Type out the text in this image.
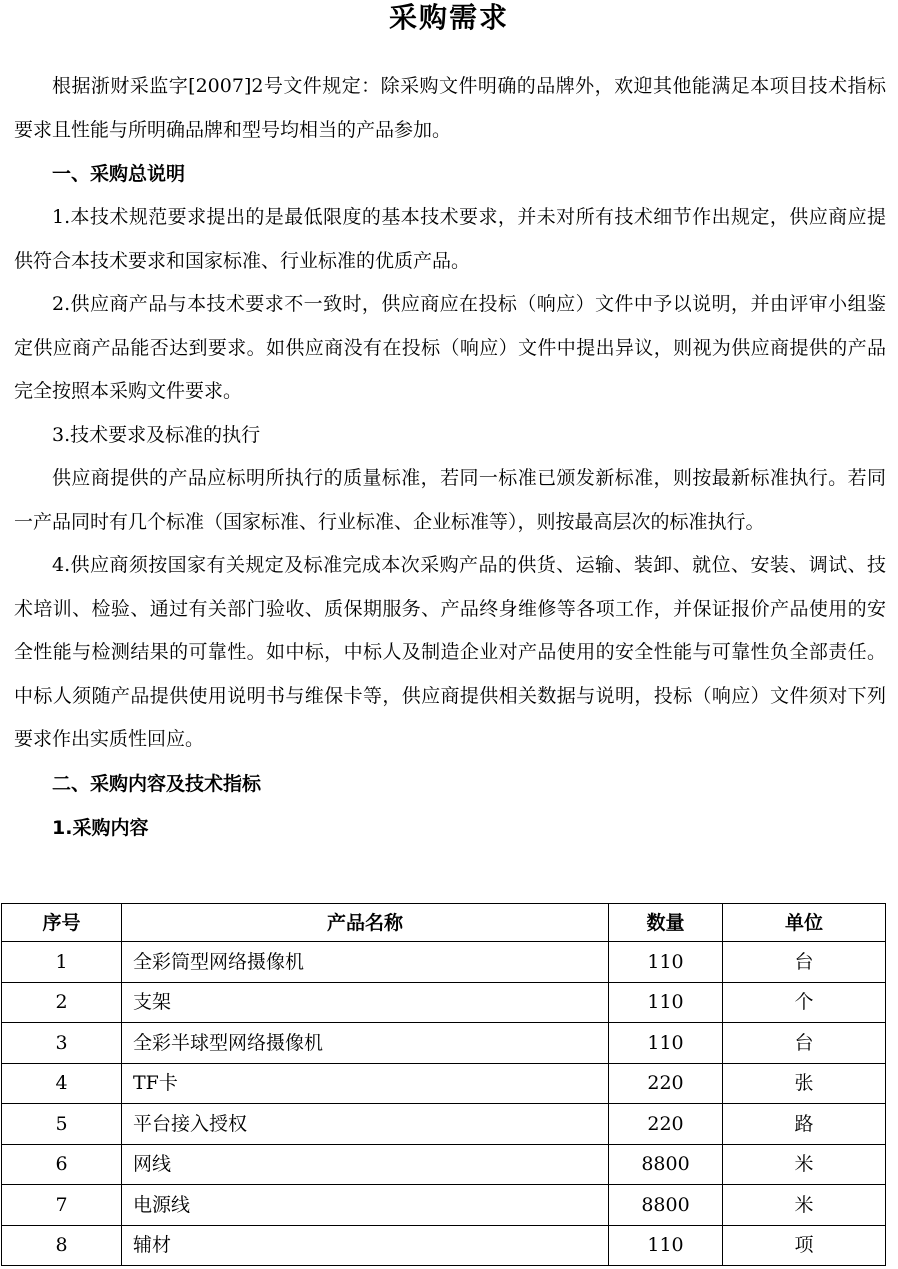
采购需求

根据浙财采监字[2007]2号文件规定：除采购文件明确的品牌外，欢迎其他能满足本项目技术指标要求且性能与所明确品牌和型号均相当的产品参加。

一、采购总说明

1.本技术规范要求提出的是最低限度的基本技术要求，并未对所有技术细节作出规定，供应商应提供符合本技术要求和国家标准、行业标准的优质产品。

2.供应商产品与本技术要求不一致时，供应商应在投标（响应）文件中予以说明，并由评审小组鉴定供应商产品能否达到要求。如供应商没有在投标（响应）文件中提出异议，则视为供应商提供的产品完全按照本采购文件要求。

3.技术要求及标准的执行

供应商提供的产品应标明所执行的质量标准，若同一标准已颁发新标准，则按最新标准执行。若同一产品同时有几个标准（国家标准、行业标准、企业标准等），则按最高层次的标准执行。

4.供应商须按国家有关规定及标准完成本次采购产品的供货、运输、装卸、就位、安装、调试、技术培训、检验、通过有关部门验收、质保期服务、产品终身维修等各项工作，并保证报价产品使用的安全性能与检测结果的可靠性。如中标，中标人及制造企业对产品使用的安全性能与可靠性负全部责任。中标人须随产品提供使用说明书与维保卡等，供应商提供相关数据与说明，投标（响应）文件须对下列要求作出实质性回应。

二、采购内容及技术指标

1.采购内容

序号	产品名称	数量	单位
1	全彩筒型网络摄像机	110	台
2	支架	110	个
3	全彩半球型网络摄像机	110	台
4	TF卡	220	张
5	平台接入授权	220	路
6	网线	8800	米
7	电源线	8800	米
8	辅材	110	项
